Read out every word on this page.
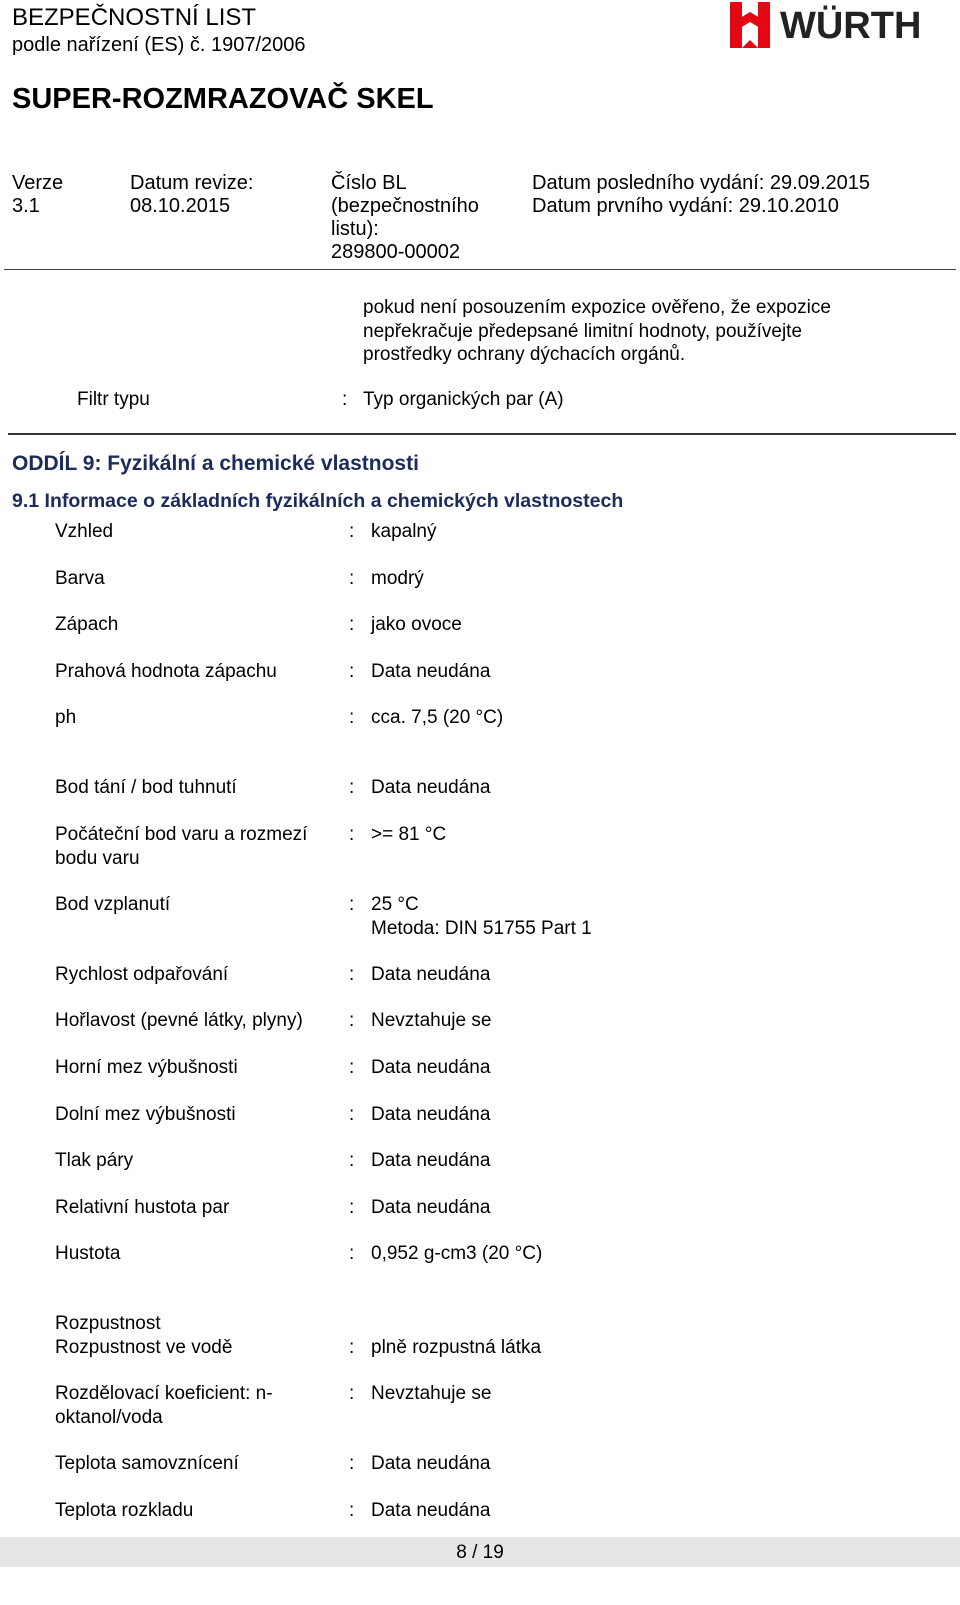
BEZPEČNOSTNÍ LIST
podle nařízení (ES) č. 1907/2006	WÜRTH
SUPER-ROZMRAZOVAČ SKEL
Verze
3.1
Datum revize:
08.10.2015
Číslo BL
(bezpečnostního
listu):
289800-00002
Datum posledního vydání: 29.09.2015
Datum prvního vydání: 29.10.2010
pokud není posouzením expozice ověřeno, že expozice
nepřekračuje předepsané limitní hodnoty, používejte
prostředky ochrany dýchacích orgánů.
Filtr typu	: Typ organických par (A)
ODDÍL 9: Fyzikální a chemické vlastnosti
9.1 Informace o základních fyzikálních a chemických vlastnostech
Vzhled	: kapalný
Barva	: modrý
Zápach	: jako ovoce
Prahová hodnota zápachu	: Data neudána
ph	: cca. 7,5 (20 °C)
Bod tání / bod tuhnutí	: Data neudána
Počáteční bod varu a rozmezí
bodu varu
: >= 81 °C
Bod vzplanutí	: 25 °C
Metoda: DIN 51755 Part 1
Rychlost odpařování	: Data neudána
Hořlavost (pevné látky, plyny) : Nevztahuje se
Horní mez výbušnosti	: Data neudána
Dolní mez výbušnosti	: Data neudána
Tlak páry	: Data neudána
Relativní hustota par	: Data neudána
Hustota	: 0,952 g-cm3 (20 °C)
Rozpustnost
Rozpustnost ve vodě	: plně rozpustná látka
Rozdělovací koeficient: n-
oktanol/voda
: Nevztahuje se
Teplota samovznícení	: Data neudána
Teplota rozkladu	: Data neudána
8 / 19
